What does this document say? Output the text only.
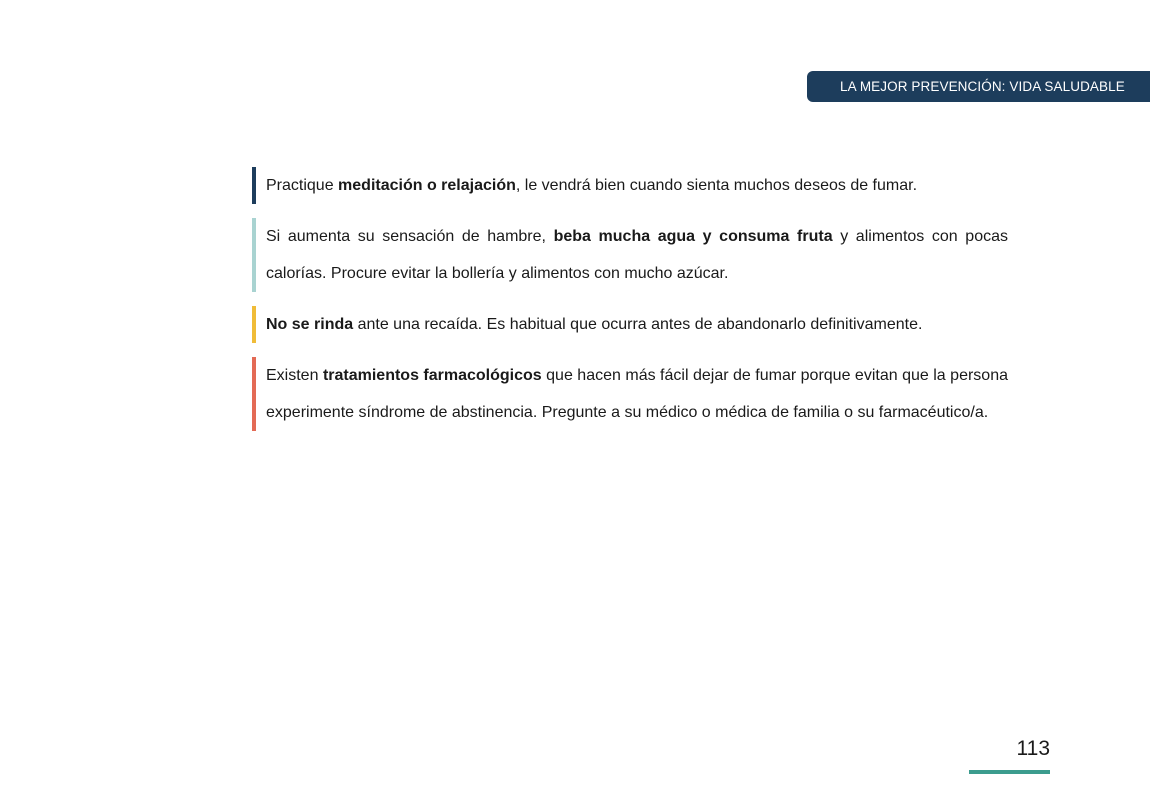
LA MEJOR PREVENCIÓN: VIDA SALUDABLE
Practique meditación o relajación, le vendrá bien cuando sienta muchos deseos de fumar.
Si aumenta su sensación de hambre, beba mucha agua y consuma fruta y alimentos con pocas calorías. Procure evitar la bollería y alimentos con mucho azúcar.
No se rinda ante una recaída. Es habitual que ocurra antes de abandonarlo definitivamente.
Existen tratamientos farmacológicos que hacen más fácil dejar de fumar porque evitan que la persona experimente síndrome de abstinencia. Pregunte a su médico o médica de familia o su farmacéutico/a.
113
